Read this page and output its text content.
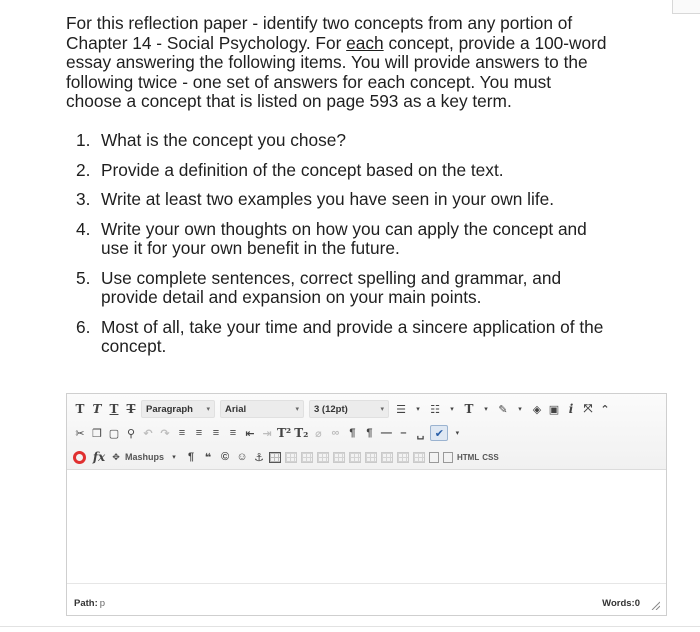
For this reflection paper - identify two concepts from any portion of

Chapter 14 - Social Psychology. For each concept, provide a 100-word

essay answering the following items. You will provide answers to the

following twice - one set of answers for each concept. You must

choose a concept that is listed on page 593 as a key term.

1. What is the concept you chose?
2. Provide a definition of the concept based on the text.
3. Write at least two examples you have seen in your own life.
4. Write your own thoughts on how you can apply the concept and
use it for your own benefit in the future.
5. Use complete sentences, correct spelling and grammar, and
provide detail and expansion on your main points.
6. Most of all, take your time and provide a sincere application of the
concept.
T T T T Paragraph ▾ Arial	▾ 3 (12pt)	▾ ☰	▾ ☷	▾ T	▾ ✎	▾	◈ ▣ i ⤧ ⌃
✂ ❐ ▢ ⚲ ↶ ↷ ≡ ≡ ≡ ≡ ⇤ ⇥ T² T₂ ⌀ ∞ ¶ ¶ — – ␣ ✔	▾
fx ✥ Mashups	▾	¶ ❝ © ☺ ⚓	HTML CSS
Path: p	Words:0
